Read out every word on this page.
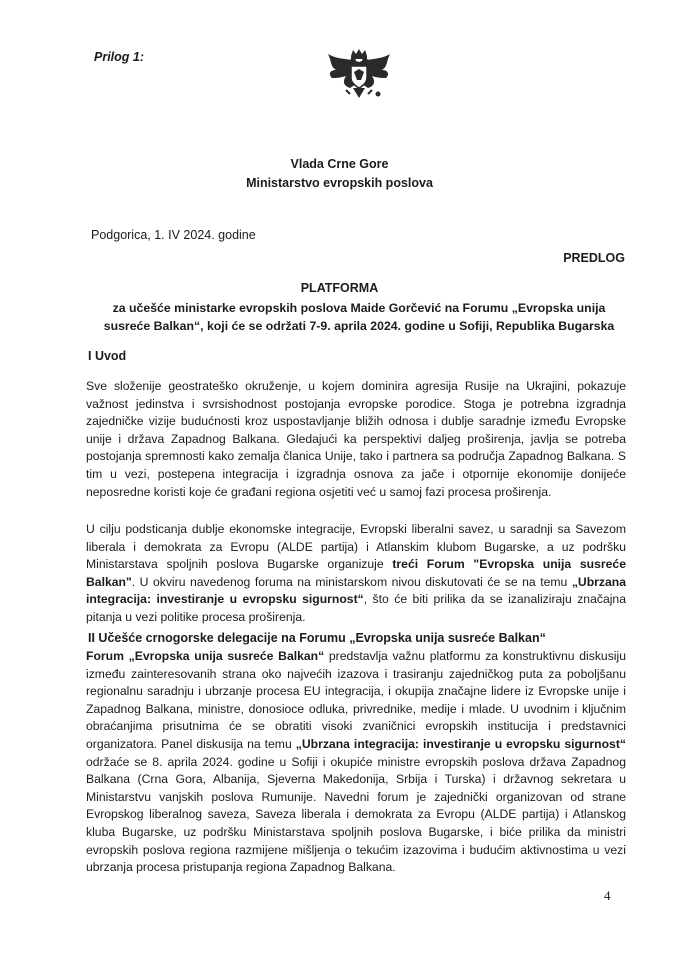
Prilog 1:
Vlada Crne Gore
Ministarstvo evropskih poslova
Podgorica, 1. IV 2024. godine
PREDLOG
PLATFORMA
za učešće ministarke evropskih poslova Maide Gorčević na Forumu „Evropska unija susreće Balkan“, koji će se održati 7-9. aprila 2024. godine u Sofiji, Republika Bugarska
I Uvod
Sve složenije geostrateško okruženje, u kojem dominira agresija Rusije na Ukrajini, pokazuje važnost jedinstva i svrsishodnost postojanja evropske porodice. Stoga je potrebna izgradnja zajedničke vizije budućnosti kroz uspostavljanje bližih odnosa i dublje saradnje između Evropske unije i država Zapadnog Balkana. Gledajući ka perspektivi daljeg proširenja, javlja se potreba postojanja spremnosti kako zemalja članica Unije, tako i partnera sa područja Zapadnog Balkana. S tim u vezi, postepena integracija i izgradnja osnova za jače i otpornije ekonomije donijeće neposredne koristi koje će građani regiona osjetiti već u samoj fazi procesa proširenja.
U cilju podsticanja dublje ekonomske integracije, Evropski liberalni savez, u saradnji sa Savezom liberala i demokrata za Evropu (ALDE partija) i Atlanskim klubom Bugarske, a uz podršku Ministarstava spoljnih poslova Bugarske organizuje treći Forum "Evropska unija susreće Balkan". U okviru navedenog foruma na ministarskom nivou diskutovati će se na temu „Ubrzana integracija: investiranje u evropsku sigurnost“, što će biti prilika da se izanaliziraju značajna pitanja u vezi politike procesa proširenja.
II Učešće crnogorske delegacije na Forumu „Evropska unija susreće Balkan“
Forum „Evropska unija susreće Balkan“ predstavlja važnu platformu za konstruktivnu diskusiju između zainteresovanih strana oko najvećih izazova i trasiranju zajedničkog puta za poboljšanu regionalnu saradnju i ubrzanje procesa EU integracija, i okupija značajne lidere iz Evropske unije i Zapadnog Balkana, ministre, donosioce odluka, privrednike, medije i mlade. U uvodnim i ključnim obraćanjima prisutnima će se obratiti visoki zvaničnici evropskih institucija i predstavnici organizatora. Panel diskusija na temu „Ubrzana integracija: investiranje u evropsku sigurnost“ održaće se 8. aprila 2024. godine u Sofiji i okupiće ministre evropskih poslova država Zapadnog Balkana (Crna Gora, Albanija, Sjeverna Makedonija, Srbija i Turska) i državnog sekretara u Ministarstvu vanjskih poslova Rumunije. Navedni forum je zajednički organizovan od strane Evropskog liberalnog saveza, Saveza liberala i demokrata za Evropu (ALDE partija) i Atlanskog kluba Bugarske, uz podršku Ministarstava spoljnih poslova Bugarske, i biće prilika da ministri evropskih poslova regiona razmijene mišljenja o tekućim izazovima i budućim aktivnostima u vezi ubrzanja procesa pristupanja regiona Zapadnog Balkana.
4
